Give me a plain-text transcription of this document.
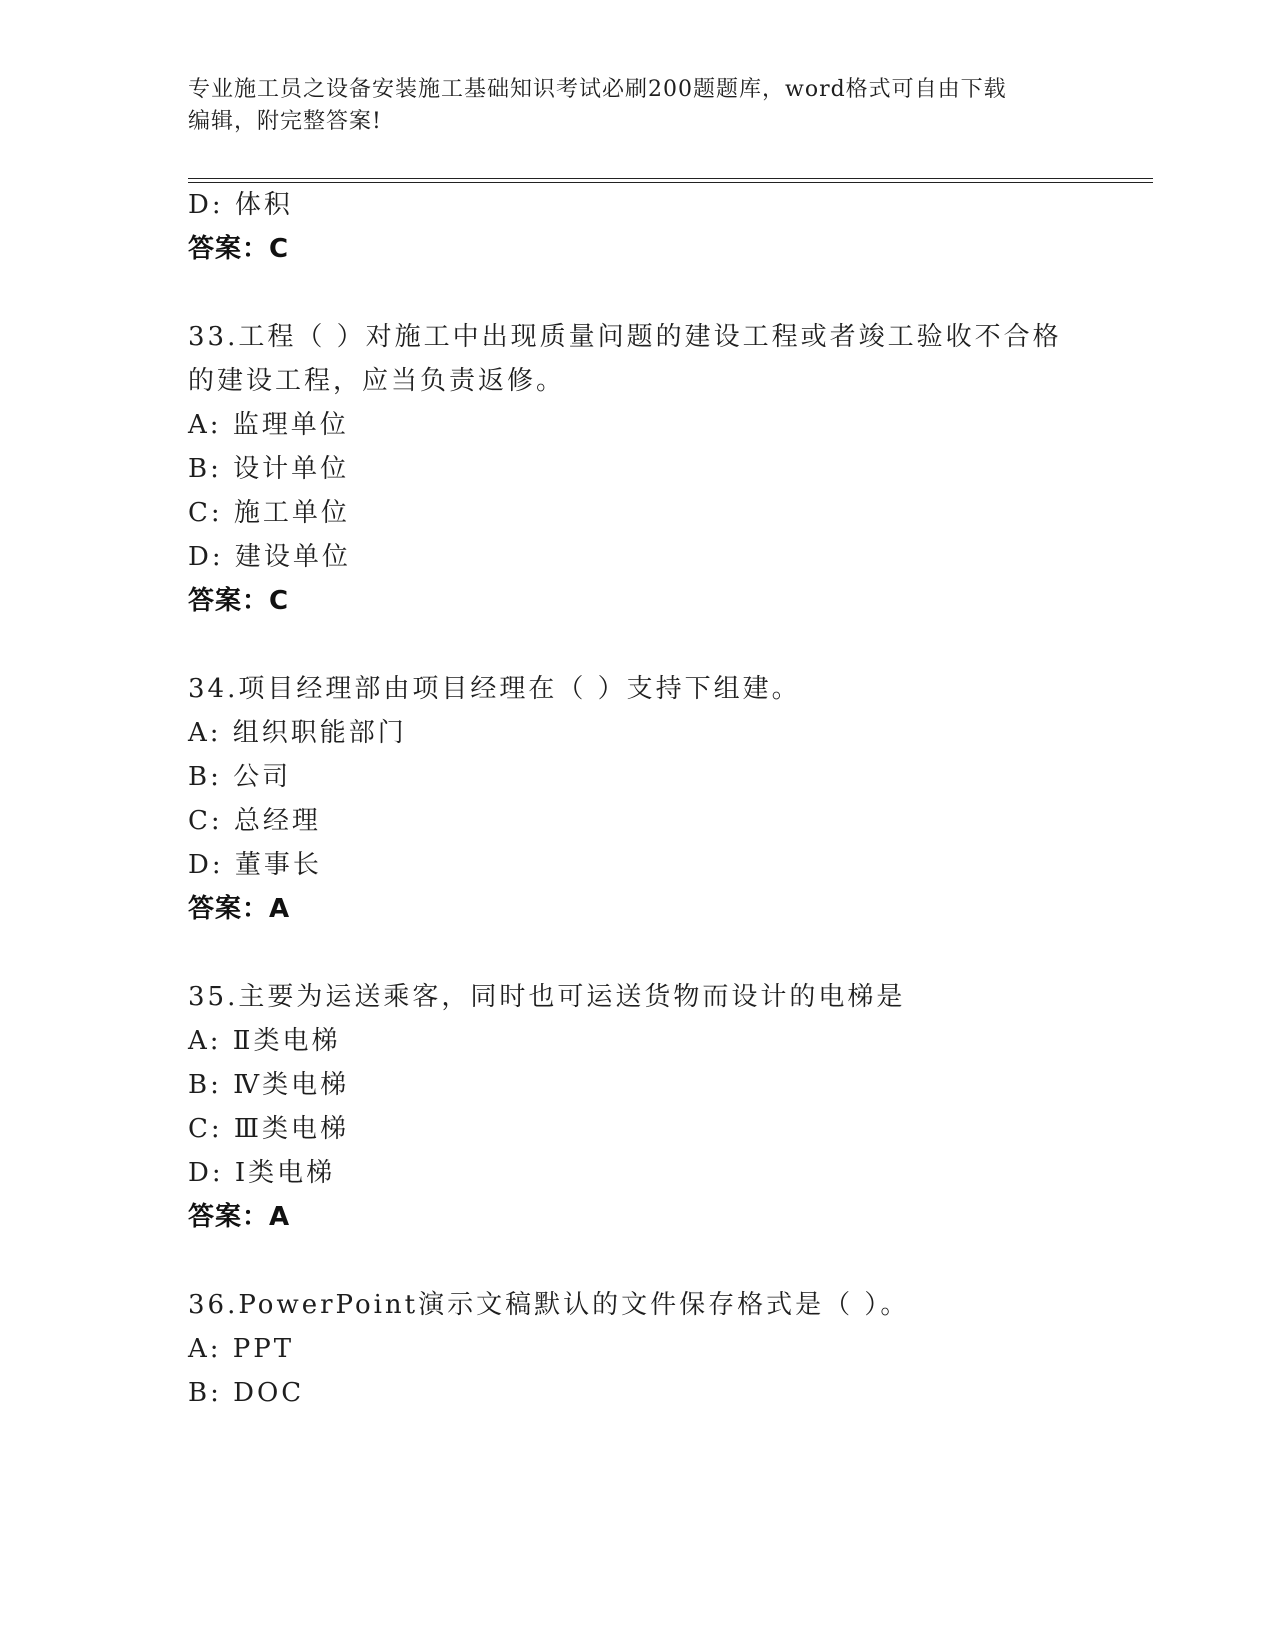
专业施工员之设备安装施工基础知识考试必刷200题题库，word格式可自由下载
编辑，附完整答案!
D: 体积
答案：C
33.工程（ ）对施工中出现质量问题的建设工程或者竣工验收不合格
的建设工程，应当负责返修。
A: 监理单位
B: 设计单位
C: 施工单位
D: 建设单位
答案：C
34.项目经理部由项目经理在（ ）支持下组建。
A: 组织职能部门
B: 公司
C: 总经理
D: 董事长
答案：A
35.主要为运送乘客，同时也可运送货物而设计的电梯是
A: Ⅱ类电梯
B: Ⅳ类电梯
C: Ⅲ类电梯
D: Ⅰ类电梯
答案：A
36.PowerPoint演示文稿默认的文件保存格式是（ ）。
A: PPT
B: DOC
